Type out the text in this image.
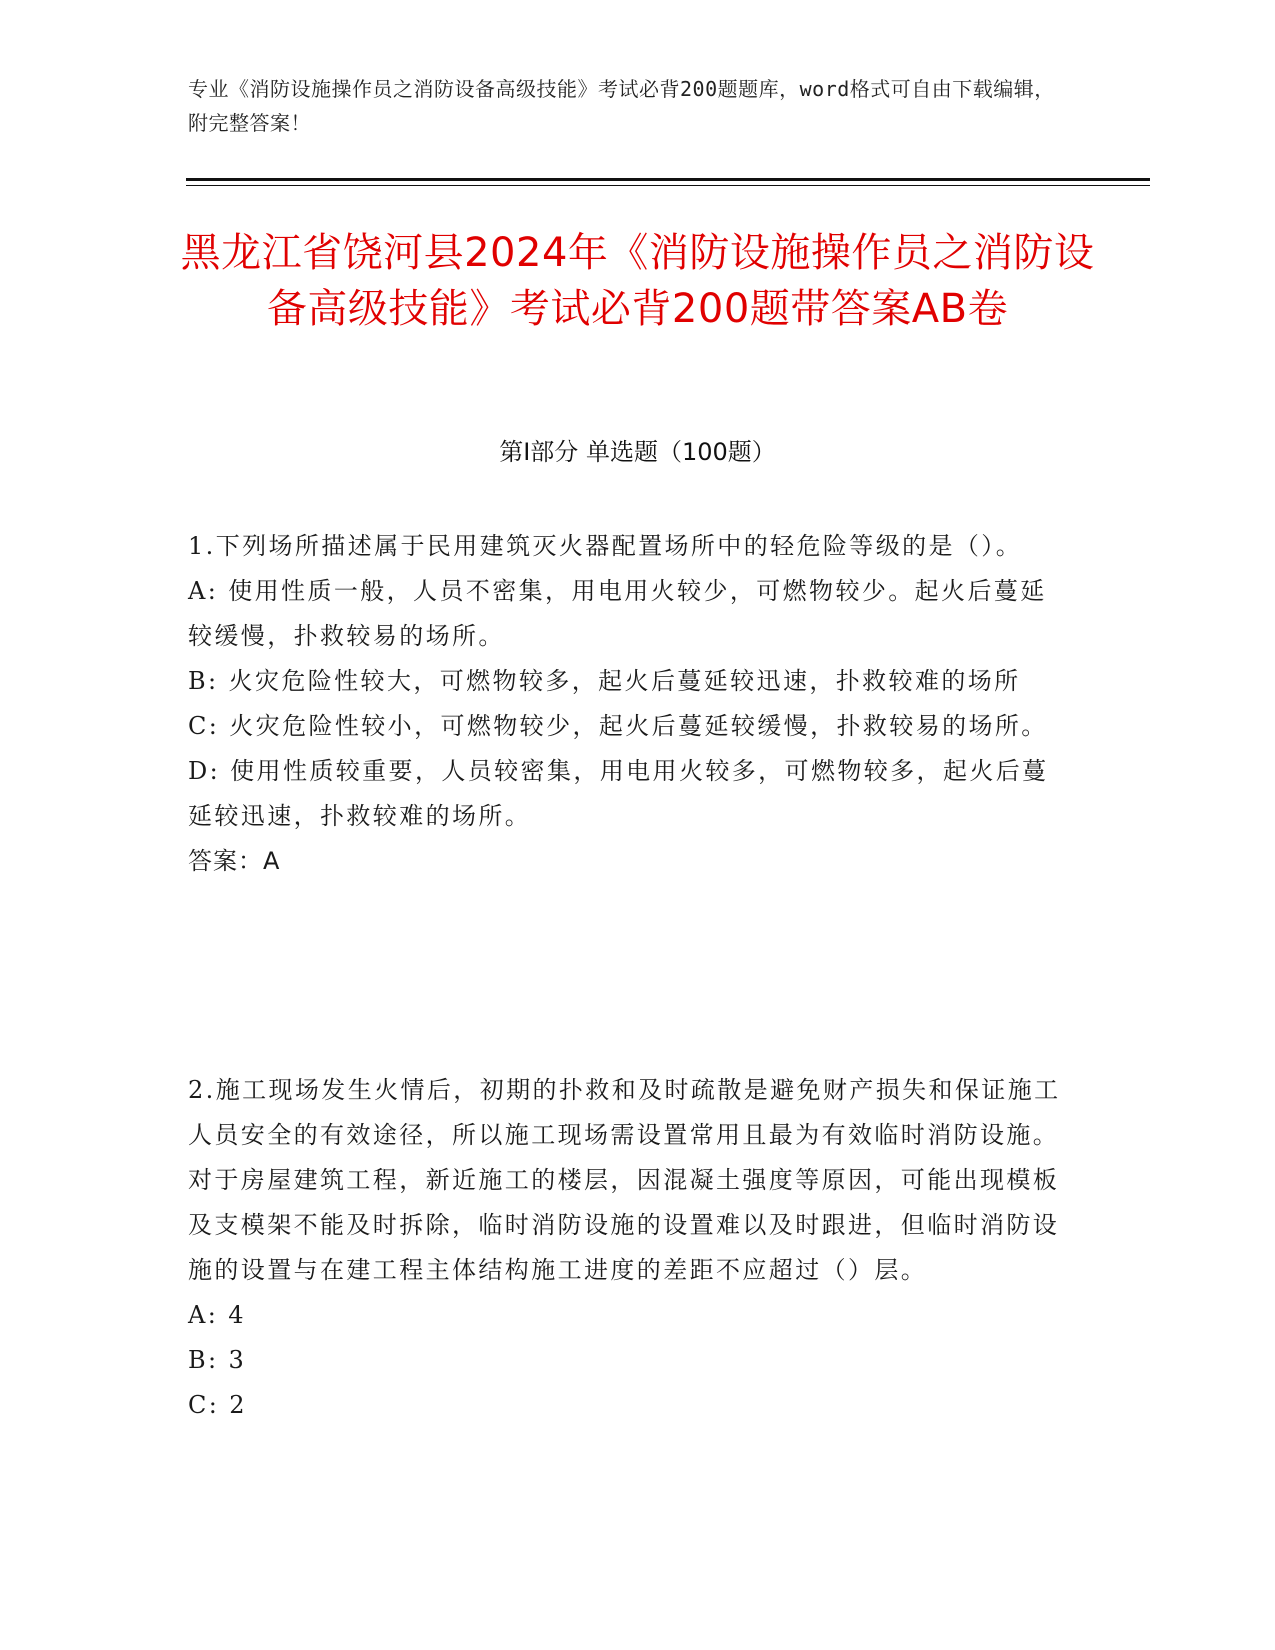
专业《消防设施操作员之消防设备高级技能》考试必背200题题库，word格式可自由下载编辑，附完整答案！
黑龙江省饶河县2024年《消防设施操作员之消防设备高级技能》考试必背200题带答案AB卷
第I部分 单选题（100题）

1.下列场所描述属于民用建筑灭火器配置场所中的轻危险等级的是（）。

A: 使用性质一般，人员不密集，用电用火较少，可燃物较少。起火后蔓延较缓慢，扑救较易的场所。

B: 火灾危险性较大，可燃物较多，起火后蔓延较迅速，扑救较难的场所

C: 火灾危险性较小，可燃物较少，起火后蔓延较缓慢，扑救较易的场所。

D: 使用性质较重要，人员较密集，用电用火较多，可燃物较多，起火后蔓延较迅速，扑救较难的场所。

答案：A

2.施工现场发生火情后，初期的扑救和及时疏散是避免财产损失和保证施工人员安全的有效途径，所以施工现场需设置常用且最为有效临时消防设施。对于房屋建筑工程，新近施工的楼层，因混凝土强度等原因，可能出现模板及支模架不能及时拆除，临时消防设施的设置难以及时跟进，但临时消防设施的设置与在建工程主体结构施工进度的差距不应超过（）层。

A: 4

B: 3

C: 2
